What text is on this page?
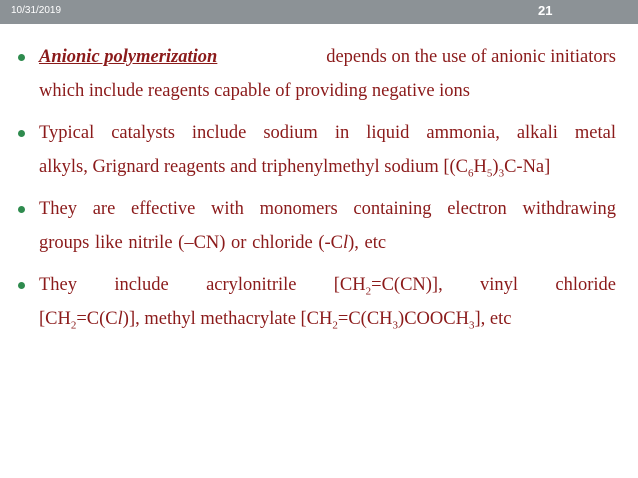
10/31/2019	21
Anionic polymerization	depends on the use of anionic initiators
which include reagents capable of providing negative ions
Typical catalysts include sodium in liquid ammonia, alkali metal
alkyls, Grignard reagents and triphenylmethyl sodium $[(C_6H_5)_3C-Na]$
They are effective with monomers containing electron withdrawing
groups like nitrile (–CN) or chloride (-Cl), etc
They include acrylonitrile $[CH_2=C(CN)]$, vinyl chloride
$[CH_2=C(Cl)]$, methyl methacrylate $[CH_2=C(CH_3)COOCH_3]$, etc
